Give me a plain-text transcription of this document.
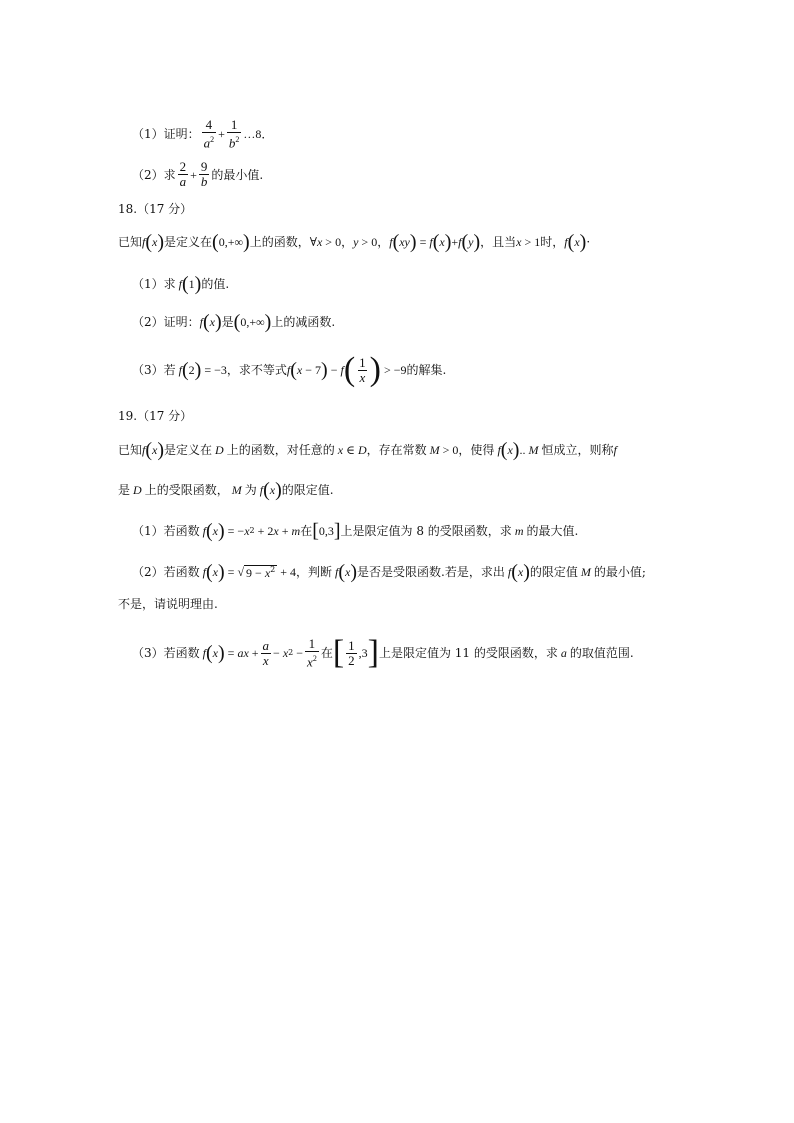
（1）证明： $\frac{4}{a^2} + \frac{1}{b^2}$ …8．
（2）求 $\frac{2}{a} + \frac{9}{b}$ 的最小值.
18.（17 分）
已知 f ( x ) 是定义在 ( 0,+∞ ) 上的函数，∀ x > 0 ， y > 0 ， f ( xy ) = f ( x ) + f ( y ) ，且当 x > 1 时， f ( x ) ·
（1）求 f ( 1 ) 的值.
（2）证明： f ( x ) 是 ( 0,+∞ ) 上的减函数.
（3）若 f ( 2 ) = −3 ，求不等式 f ( x − 7 ) − f ( $\frac{1}{x}$ ) > −9 的解集.
19.（17 分）
已知 f ( x ) 是定义在 D 上的函数，对任意的 x ∈ D ，存在常数 M > 0 ，使得 f ( x ) .. M 恒成立，则称 f
是 D 上的受限函数， M 为 f ( x ) 的限定值.
（1）若函数 f ( x ) = − x 2 + 2 x + m 在 [ 0,3 ] 上是限定值为 8 的受限函数，求 m 的最大值.
（2）若函数 f ( x ) = √ $9 - x^2 + 4$ ，判断 f ( x ) 是否是受限函数.若是，求出 f ( x ) 的限定值 M 的最小值;
不是，请说明理由.
（3）若函数 f ( x ) = ax + $\frac{a}{x} - x$ $2 - \frac{1}{x^2}$ 在 [ $\frac{1}{2} ,3$ ] 上是限定值为 11 的受限函数，求 a 的取值范围.
